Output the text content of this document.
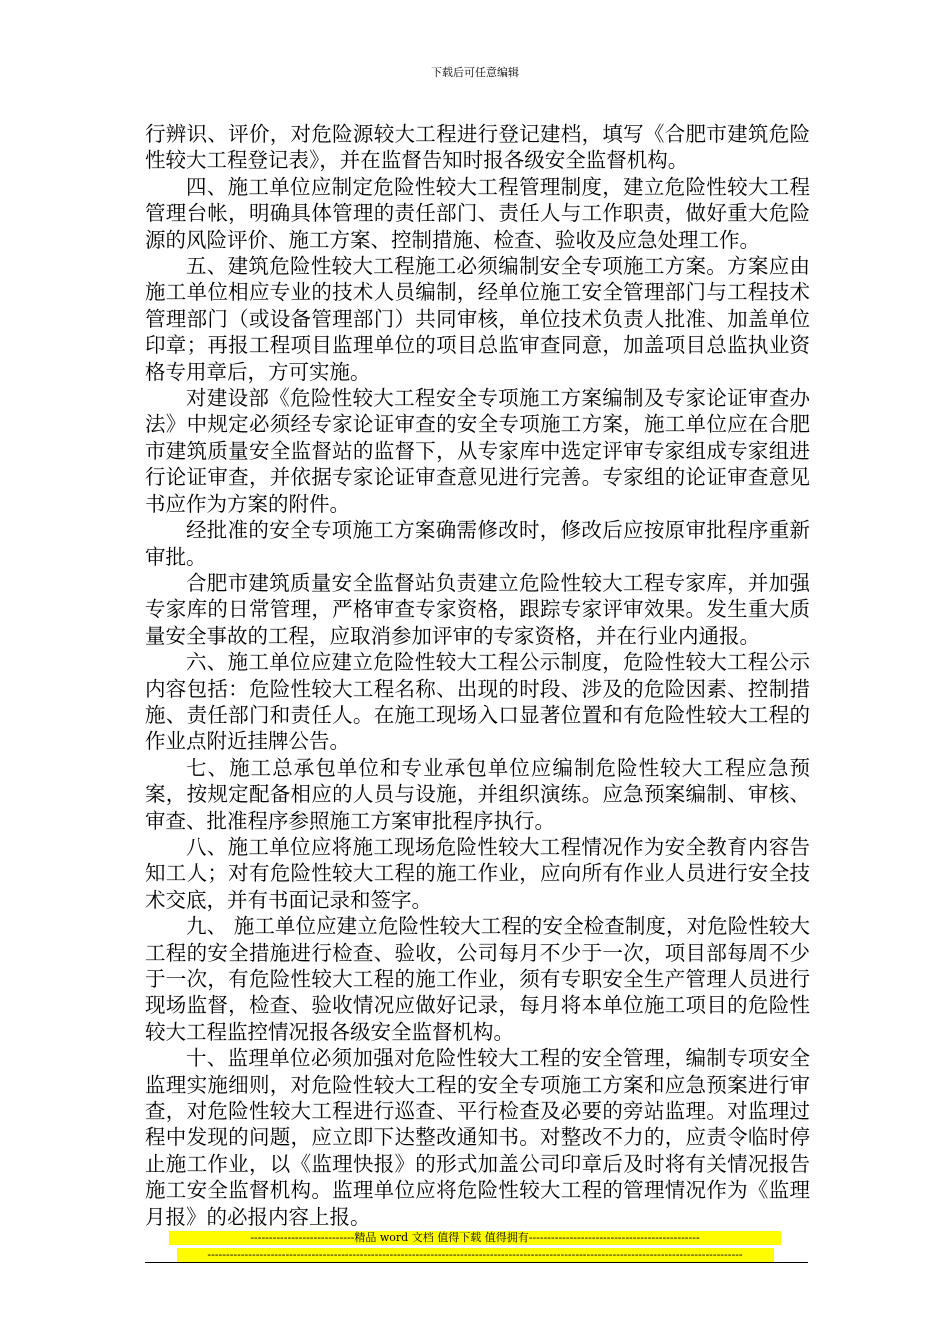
下载后可任意编辑

行辨识、评价，对危险源较大工程进行登记建档，填写《合肥市建筑危险性较大工程登记表》，并在监督告知时报各级安全监督机构。

四、施工单位应制定危险性较大工程管理制度，建立危险性较大工程管理台帐，明确具体管理的责任部门、责任人与工作职责，做好重大危险源的风险评价、施工方案、控制措施、检查、验收及应急处理工作。

五、建筑危险性较大工程施工必须编制安全专项施工方案。方案应由施工单位相应专业的技术人员编制，经单位施工安全管理部门与工程技术管理部门（或设备管理部门）共同审核，单位技术负责人批准、加盖单位印章；再报工程项目监理单位的项目总监审查同意，加盖项目总监执业资格专用章后，方可实施。

对建设部《危险性较大工程安全专项施工方案编制及专家论证审查办法》中规定必须经专家论证审查的安全专项施工方案，施工单位应在合肥市建筑质量安全监督站的监督下，从专家库中选定评审专家组成专家组进行论证审查，并依据专家论证审查意见进行完善。专家组的论证审查意见书应作为方案的附件。

经批准的安全专项施工方案确需修改时，修改后应按原审批程序重新审批。

合肥市建筑质量安全监督站负责建立危险性较大工程专家库，并加强专家库的日常管理，严格审查专家资格，跟踪专家评审效果。发生重大质量安全事故的工程，应取消参加评审的专家资格，并在行业内通报。

六、施工单位应建立危险性较大工程公示制度，危险性较大工程公示内容包括：危险性较大工程名称、出现的时段、涉及的危险因素、控制措施、责任部门和责任人。在施工现场入口显著位置和有危险性较大工程的作业点附近挂牌公告。

七、施工总承包单位和专业承包单位应编制危险性较大工程应急预案，按规定配备相应的人员与设施，并组织演练。应急预案编制、审核、审查、批准程序参照施工方案审批程序执行。

八、施工单位应将施工现场危险性较大工程情况作为安全教育内容告知工人；对有危险性较大工程的施工作业，应向所有作业人员进行安全技术交底，并有书面记录和签字。

九、 施工单位应建立危险性较大工程的安全检查制度，对危险性较大工程的安全措施进行检查、验收，公司每月不少于一次，项目部每周不少于一次，有危险性较大工程的施工作业，须有专职安全生产管理人员进行现场监督，检查、验收情况应做好记录，每月将本单位施工项目的危险性较大工程监控情况报各级安全监督机构。

十、监理单位必须加强对危险性较大工程的安全管理，编制专项安全监理实施细则，对危险性较大工程的安全专项施工方案和应急预案进行审查，对危险性较大工程进行巡查、平行检查及必要的旁站监理。对监理过程中发现的问题，应立即下达整改通知书。对整改不力的，应责令临时停止施工作业，以《监理快报》的形式加盖公司印章后及时将有关情况报告施工安全监督机构。监理单位应将危险性较大工程的管理情况作为《监理月报》的必报内容上报。

----------------------------精品 word 文档 值得下载 值得拥有----------------------------------------------
------------------------------------------------------------------------------------------------------------------------------------------------
